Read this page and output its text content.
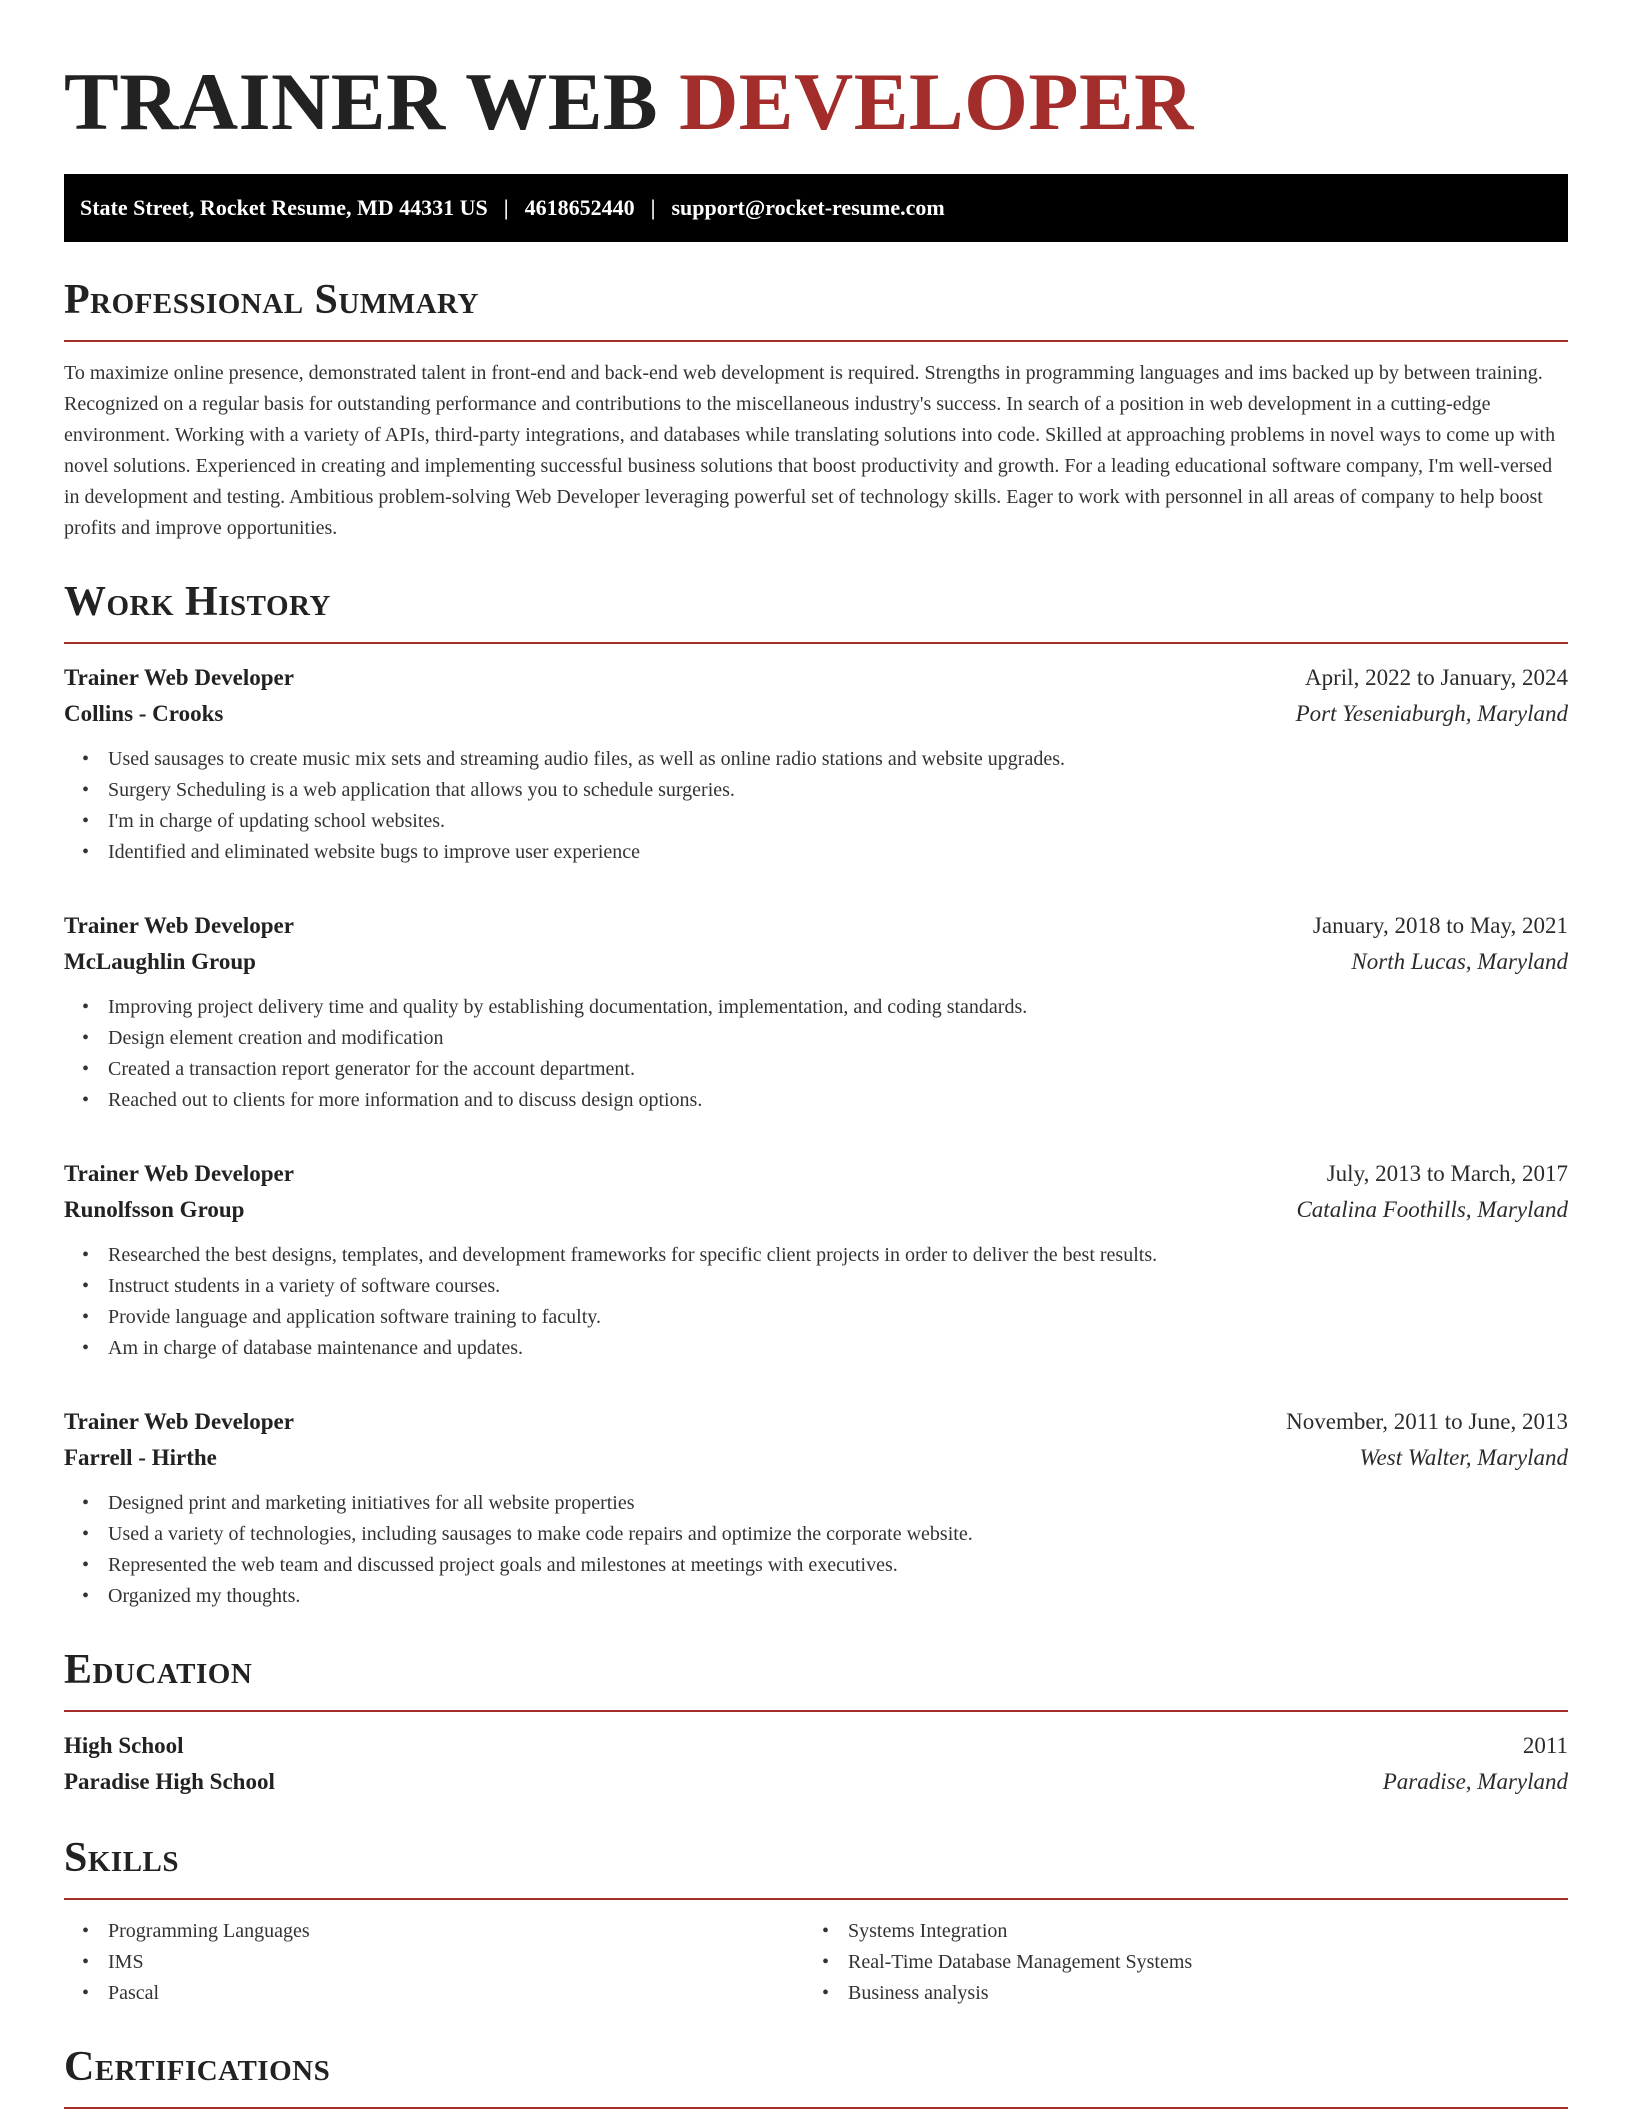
TRAINER WEB DEVELOPER
State Street, Rocket Resume, MD 44331 US | 4618652440 | support@rocket-resume.com
Professional Summary

To maximize online presence, demonstrated talent in front-end and back-end web development is required. Strengths in programming languages and ims backed up by between training. Recognized on a regular basis for outstanding performance and contributions to the miscellaneous industry's success. In search of a position in web development in a cutting-edge environment. Working with a variety of APIs, third-party integrations, and databases while translating solutions into code. Skilled at approaching problems in novel ways to come up with novel solutions. Experienced in creating and implementing successful business solutions that boost productivity and growth. For a leading educational software company, I'm well-versed in development and testing. Ambitious problem-solving Web Developer leveraging powerful set of technology skills. Eager to work with personnel in all areas of company to help boost profits and improve opportunities.

Work History
Trainer Web Developer	April, 2022 to January, 2024
Collins - Crooks	Port Yeseniaburgh, Maryland
• Used sausages to create music mix sets and streaming audio files, as well as online radio stations and website upgrades.
• Surgery Scheduling is a web application that allows you to schedule surgeries.
• I'm in charge of updating school websites.
• Identified and eliminated website bugs to improve user experience
Trainer Web Developer	January, 2018 to May, 2021
McLaughlin Group	North Lucas, Maryland
• Improving project delivery time and quality by establishing documentation, implementation, and coding standards.
• Design element creation and modification
• Created a transaction report generator for the account department.
• Reached out to clients for more information and to discuss design options.
Trainer Web Developer	July, 2013 to March, 2017
Runolfsson Group	Catalina Foothills, Maryland
• Researched the best designs, templates, and development frameworks for specific client projects in order to deliver the best results.
• Instruct students in a variety of software courses.
• Provide language and application software training to faculty.
• Am in charge of database maintenance and updates.
Trainer Web Developer	November, 2011 to June, 2013
Farrell - Hirthe	West Walter, Maryland
• Designed print and marketing initiatives for all website properties
• Used a variety of technologies, including sausages to make code repairs and optimize the corporate website.
• Represented the web team and discussed project goals and milestones at meetings with executives.
• Organized my thoughts.
Education
High School	2011
Paradise High School	Paradise, Maryland
Skills
• Programming Languages
• IMS
• Pascal
• Systems Integration
• Real-Time Database Management Systems
• Business analysis
Certifications
